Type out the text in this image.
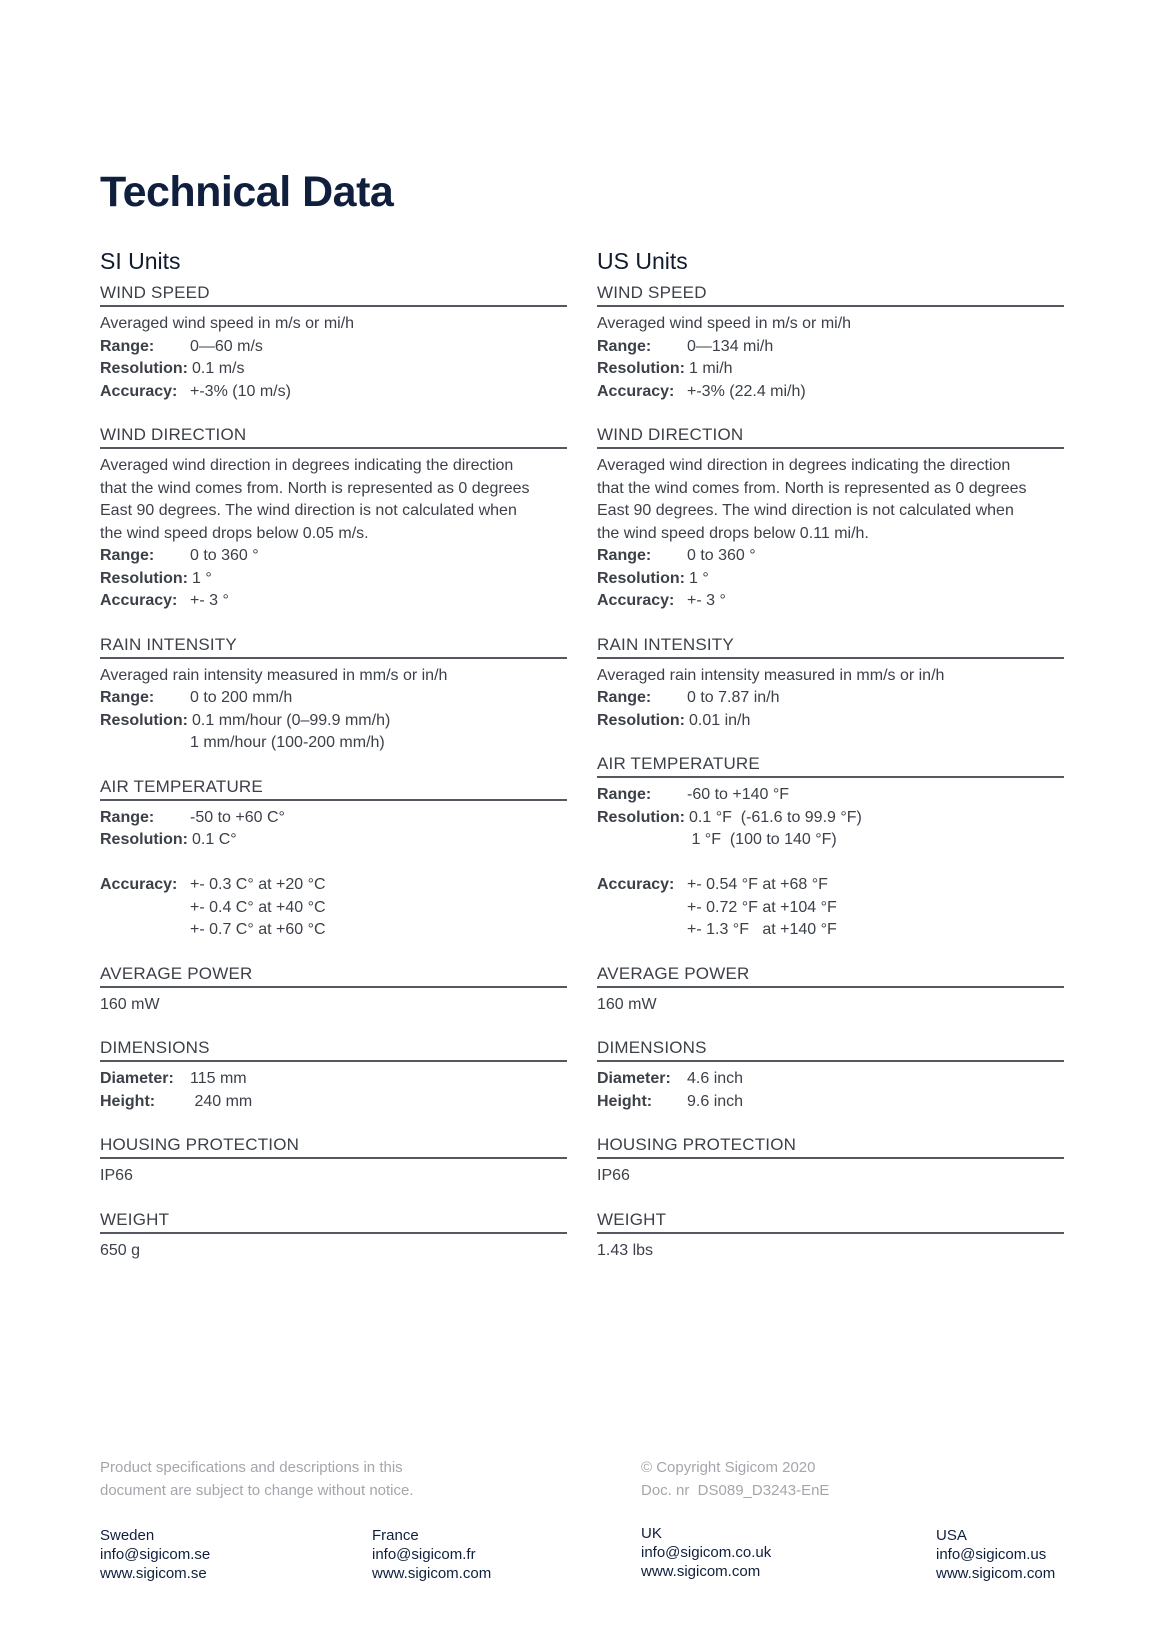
Technical Data
SI Units
WIND SPEED
Averaged wind speed in m/s or mi/h
Range:	0—60 m/s
Resolution: 0.1 m/s
Accuracy: +-3% (10 m/s)
WIND DIRECTION
Averaged wind direction in degrees indicating the direction
that the wind comes from. North is represented as 0 degrees
East 90 degrees. The wind direction is not calculated when
the wind speed drops below 0.05 m/s.
Range:	0 to 360 °
Resolution: 1 °
Accuracy: +- 3 °
RAIN INTENSITY
Averaged rain intensity measured in mm/s or in/h
Range:	0 to 200 mm/h
Resolution: 0.1 mm/hour (0–99.9 mm/h)
1 mm/hour (100-200 mm/h)
AIR TEMPERATURE
Range:	-50 to +60 C°
Resolution: 0.1 C°
Accuracy: +- 0.3 C° at +20 °C
+- 0.4 C° at +40 °C
+- 0.7 C° at +60 °C
AVERAGE POWER
160 mW
DIMENSIONS
Diameter:	115 mm
Height:	240 mm
HOUSING PROTECTION
IP66
WEIGHT
650 g
US Units
WIND SPEED
Averaged wind speed in m/s or mi/h
Range:	0—134 mi/h
Resolution: 1 mi/h
Accuracy: +-3% (22.4 mi/h)
WIND DIRECTION
Averaged wind direction in degrees indicating the direction
that the wind comes from. North is represented as 0 degrees
East 90 degrees. The wind direction is not calculated when
the wind speed drops below 0.11 mi/h.
Range:	0 to 360 °
Resolution: 1 °
Accuracy: +- 3 °
RAIN INTENSITY
Averaged rain intensity measured in mm/s or in/h
Range:	0 to 7.87 in/h
Resolution: 0.01 in/h
AIR TEMPERATURE
Range:	-60 to +140 °F
Resolution: 0.1 °F  (-61.6 to 99.9 °F)
1 °F  (100 to 140 °F)
Accuracy: +- 0.54 °F at +68 °F
+- 0.72 °F at +104 °F
+- 1.3 °F   at +140 °F
AVERAGE POWER
160 mW
DIMENSIONS
Diameter:	4.6 inch
Height:	9.6 inch
HOUSING PROTECTION
IP66
WEIGHT
1.43 lbs
Product specifications and descriptions in this
document are subject to change without notice.
© Copyright Sigicom 2020
Doc. nr  DS089_D3243-EnE
Sweden
info@sigicom.se
www.sigicom.se
France
info@sigicom.fr
www.sigicom.com
UK
info@sigicom.co.uk
www.sigicom.com
USA
info@sigicom.us
www.sigicom.com
